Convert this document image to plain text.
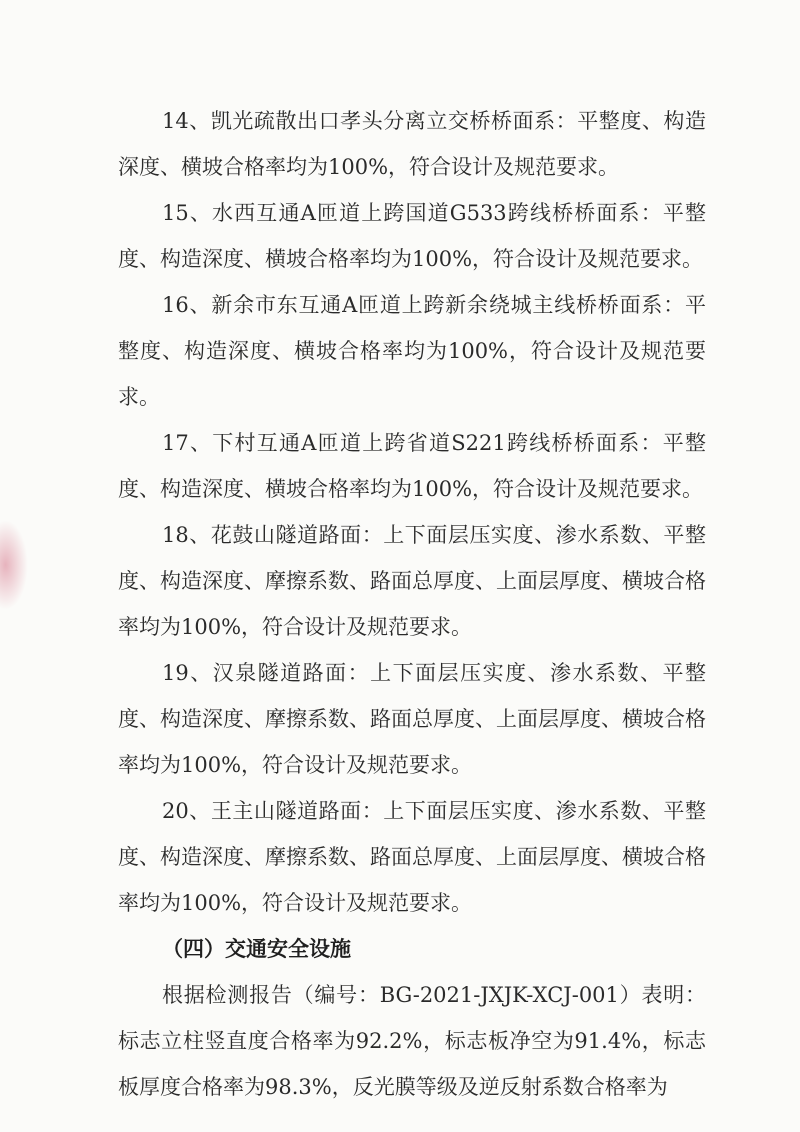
14、凯光疏散出口孝头分离立交桥桥面系：平整度、构造深度、横坡合格率均为100%，符合设计及规范要求。

15、水西互通A匝道上跨国道G533跨线桥桥面系：平整度、构造深度、横坡合格率均为100%，符合设计及规范要求。

16、新余市东互通A匝道上跨新余绕城主线桥桥面系：平整度、构造深度、横坡合格率均为100%，符合设计及规范要求。

17、下村互通A匝道上跨省道S221跨线桥桥面系：平整度、构造深度、横坡合格率均为100%，符合设计及规范要求。

18、花鼓山隧道路面：上下面层压实度、渗水系数、平整度、构造深度、摩擦系数、路面总厚度、上面层厚度、横坡合格率均为100%，符合设计及规范要求。

19、汉泉隧道路面：上下面层压实度、渗水系数、平整度、构造深度、摩擦系数、路面总厚度、上面层厚度、横坡合格率均为100%，符合设计及规范要求。

20、王主山隧道路面：上下面层压实度、渗水系数、平整度、构造深度、摩擦系数、路面总厚度、上面层厚度、横坡合格率均为100%，符合设计及规范要求。

（四）交通安全设施

根据检测报告（编号：BG-2021-JXJK-XCJ-001）表明：标志立柱竖直度合格率为92.2%，标志板净空为91.4%，标志板厚度合格率为98.3%，反光膜等级及逆反射系数合格率为
